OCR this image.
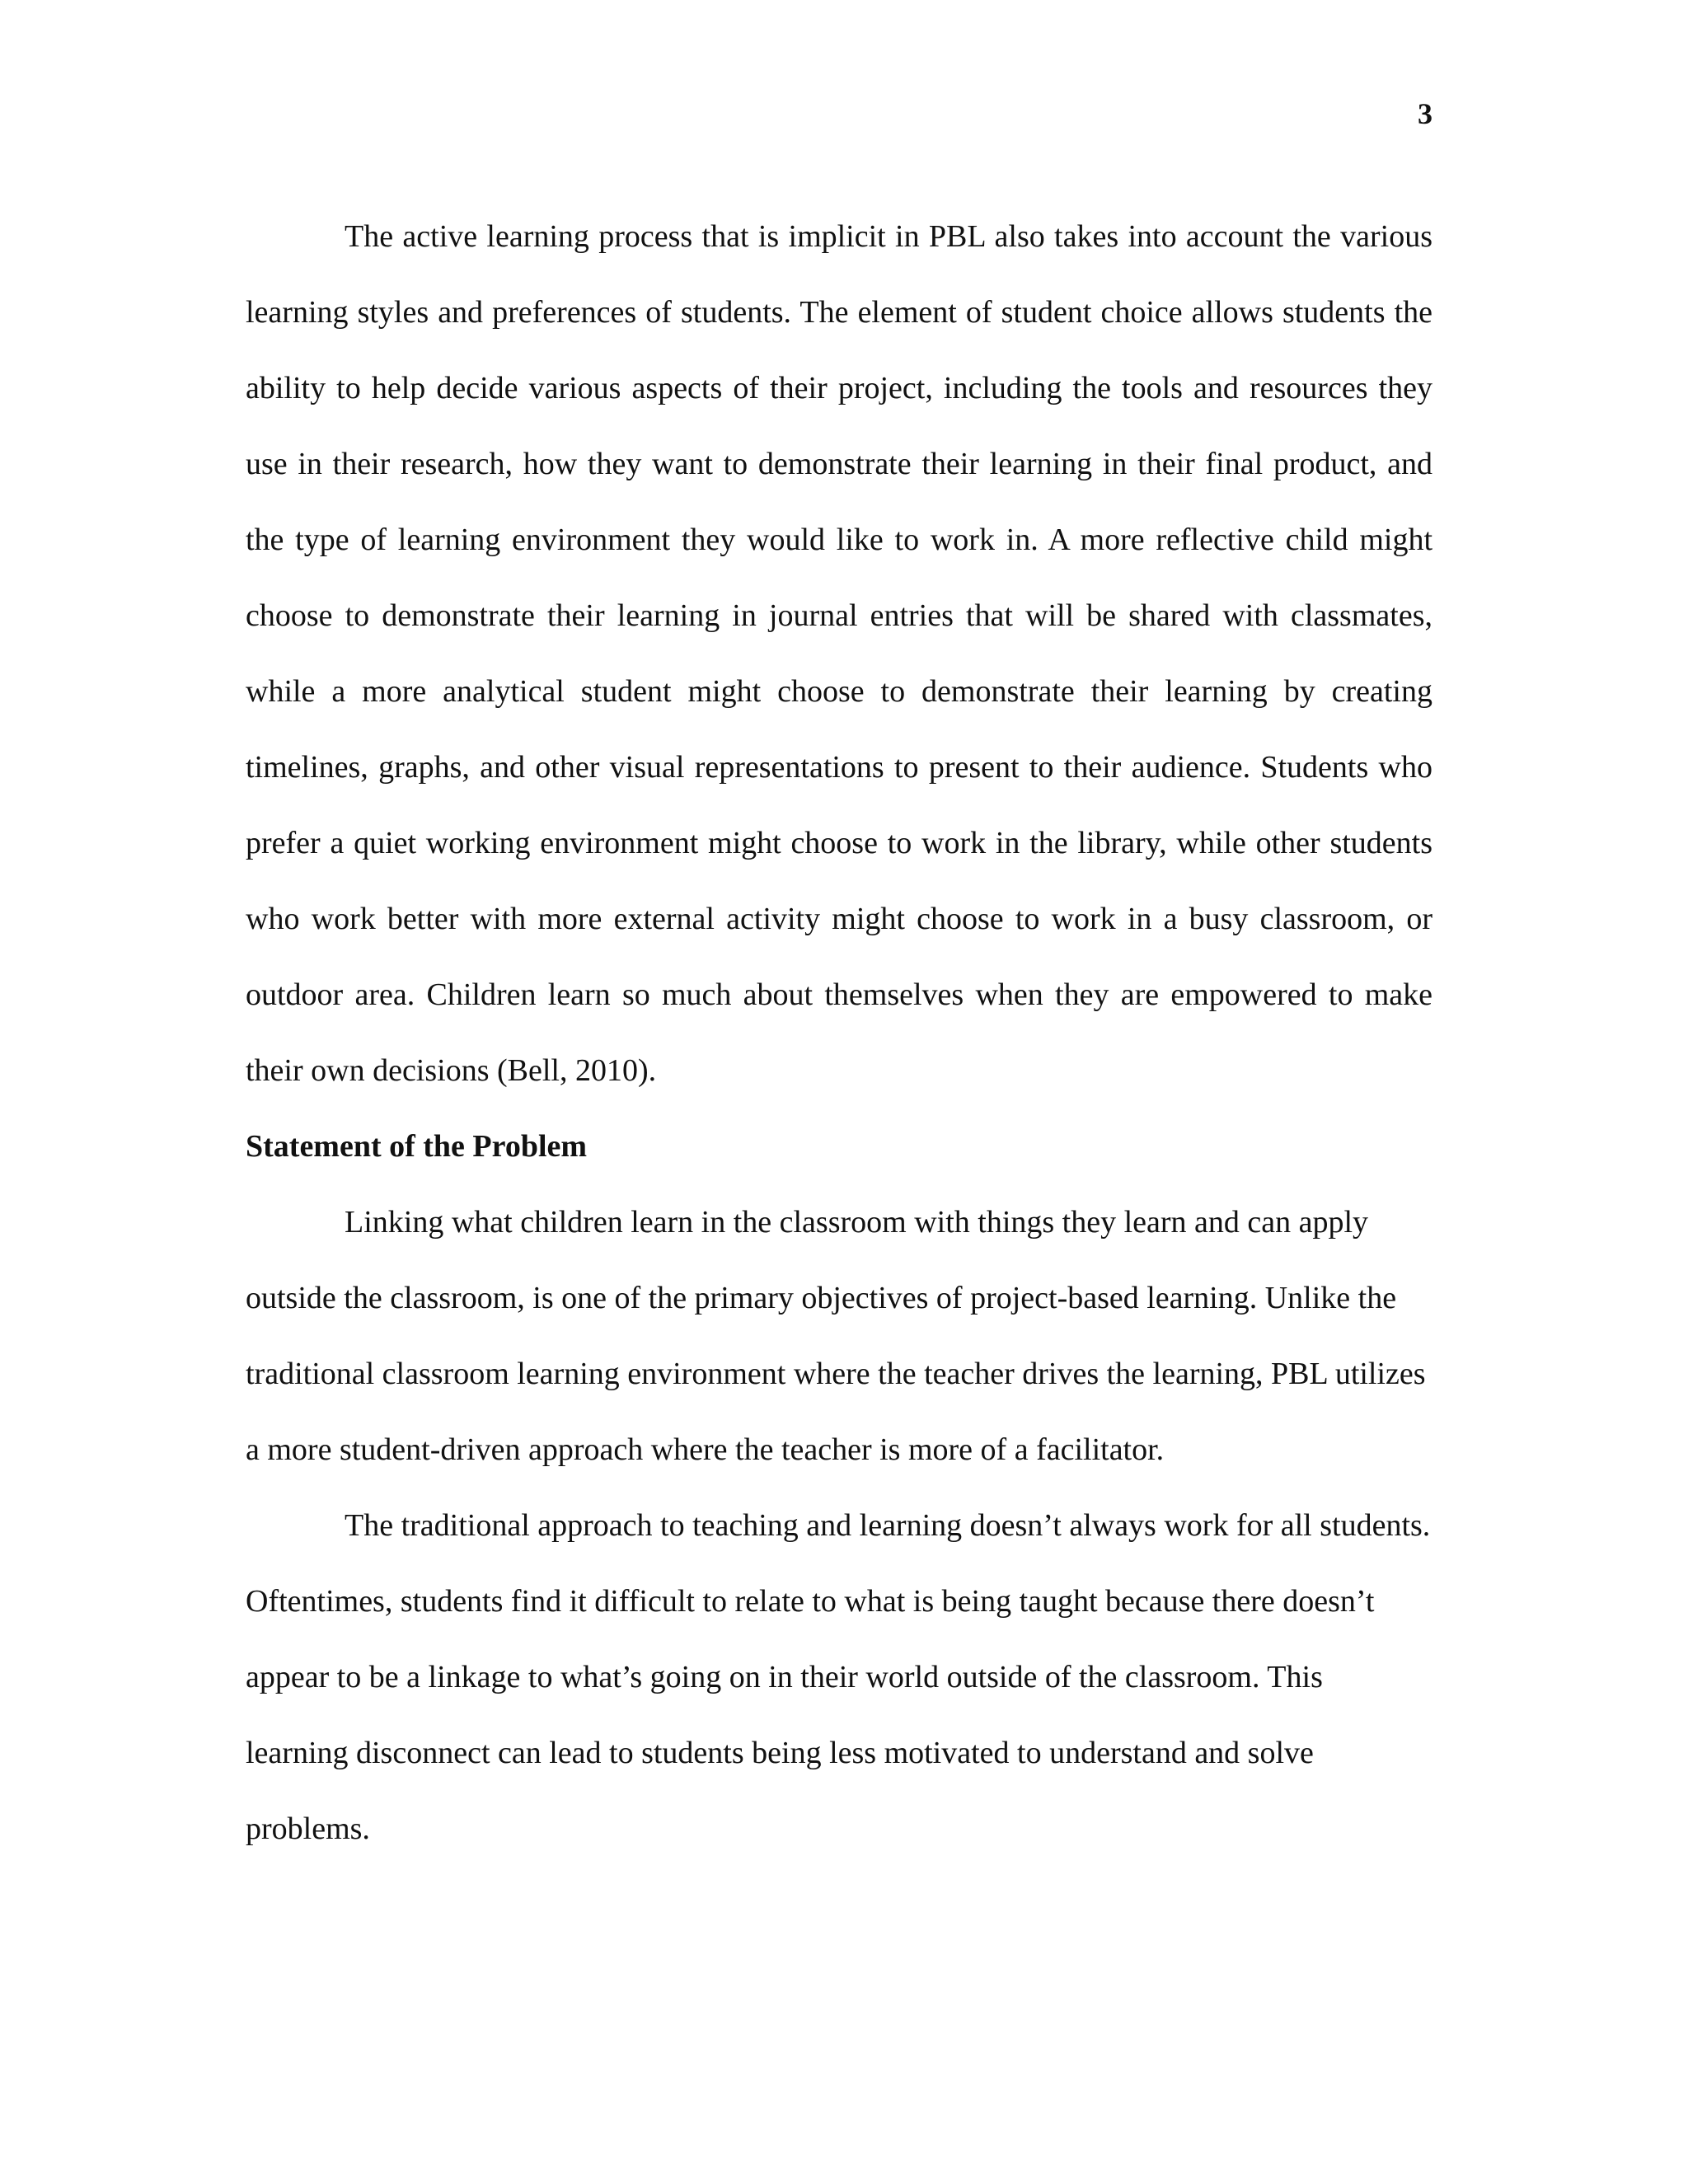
3

The active learning process that is implicit in PBL also takes into account the various learning styles and preferences of students. The element of student choice allows students the ability to help decide various aspects of their project, including the tools and resources they use in their research, how they want to demonstrate their learning in their final product, and the type of learning environment they would like to work in. A more reflective child might choose to demonstrate their learning in journal entries that will be shared with classmates, while a more analytical student might choose to demonstrate their learning by creating timelines, graphs, and other visual representations to present to their audience. Students who prefer a quiet working environment might choose to work in the library, while other students who work better with more external activity might choose to work in a busy classroom, or outdoor area. Children learn so much about themselves when they are empowered to make their own decisions (Bell, 2010).

Statement of the Problem

Linking what children learn in the classroom with things they learn and can apply outside the classroom, is one of the primary objectives of project-based learning. Unlike the traditional classroom learning environment where the teacher drives the learning, PBL utilizes a more student-driven approach where the teacher is more of a facilitator.

The traditional approach to teaching and learning doesn’t always work for all students. Oftentimes, students find it difficult to relate to what is being taught because there doesn’t appear to be a linkage to what’s going on in their world outside of the classroom. This learning disconnect can lead to students being less motivated to understand and solve problems.
